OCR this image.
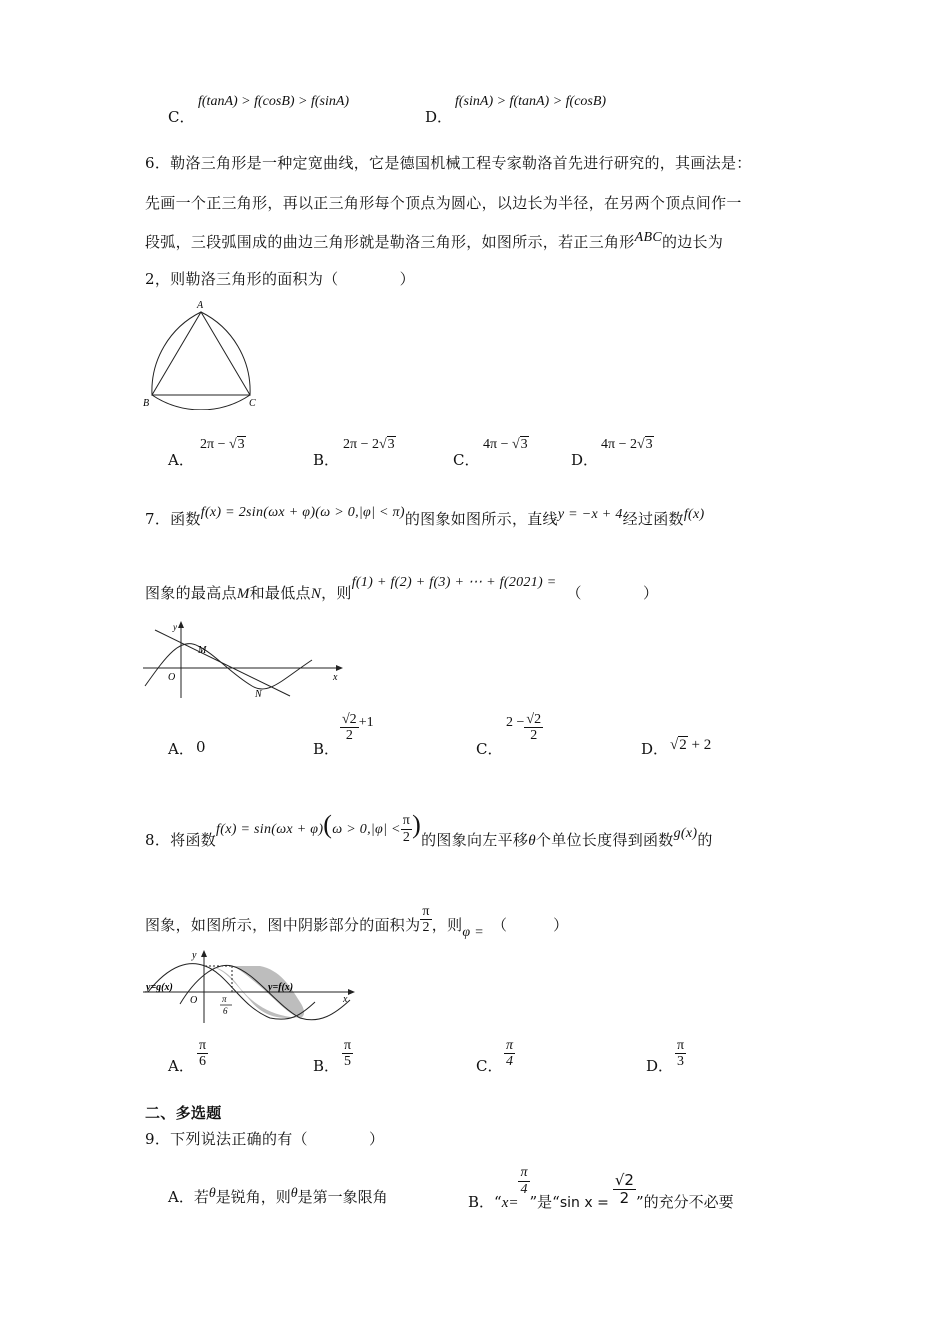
C．
f(tanA) > f(cosB) > f(sinA)
D．
f(sinA) > f(tanA) > f(cosB)
6．勒洛三角形是一种定宽曲线，它是德国机械工程专家勒洛首先进行研究的，其画法是：
先画一个正三角形，再以正三角形每个顶点为圆心，以边长为半径，在另两个顶点间作一
段弧，三段弧围成的曲边三角形就是勒洛三角形，如图所示，若正三角形ABC的边长为
2，则勒洛三角形的面积为（　　　　）
A
B	C
A．
2π − √3
B．
2π − 2√3
C．
4π − √3
D．
4π − 2√3
7．函数f(x) = 2sin(ωx + φ)(ω > 0,|φ| < π)的图象如图所示，直线y = −x + 4经过函数f(x)
图象的最高点M和最低点N，则f(1) + f(2) + f(3) + ⋯ + f(2021) =（　　　　）
y
O
M
N
x
A． 0	B．
$\frac{√2}{2} +1$
C．
$2 - \frac{√2}{2}$
D． √2 + 2
8．将函数$f(x) = \sin(\omega x + \varphi)(\omega > 0,|\varphi| < \frac{\pi}{2}$ )的图象向左平移θ个单位长度得到函数g(x)的
图象，如图所示，图中阴影部分的面积为 $\frac{\pi}{2}$ ，则φ = （　　　）
y
y=g(x)	y=f(x)
O	π
6
x
A． $\frac{\pi}{6}$	B． $\frac{\pi}{5}$	C． $\frac{\pi}{4}$	D． $\frac{\pi}{3}$
二、多选题
9．下列说法正确的有（　　　　）
A．若θ是锐角，则θ是第一象限角	B．“x=
$\frac{\pi}{4}$
”是“sin $x = \frac{√2}{2}$ ”的充分不必要
